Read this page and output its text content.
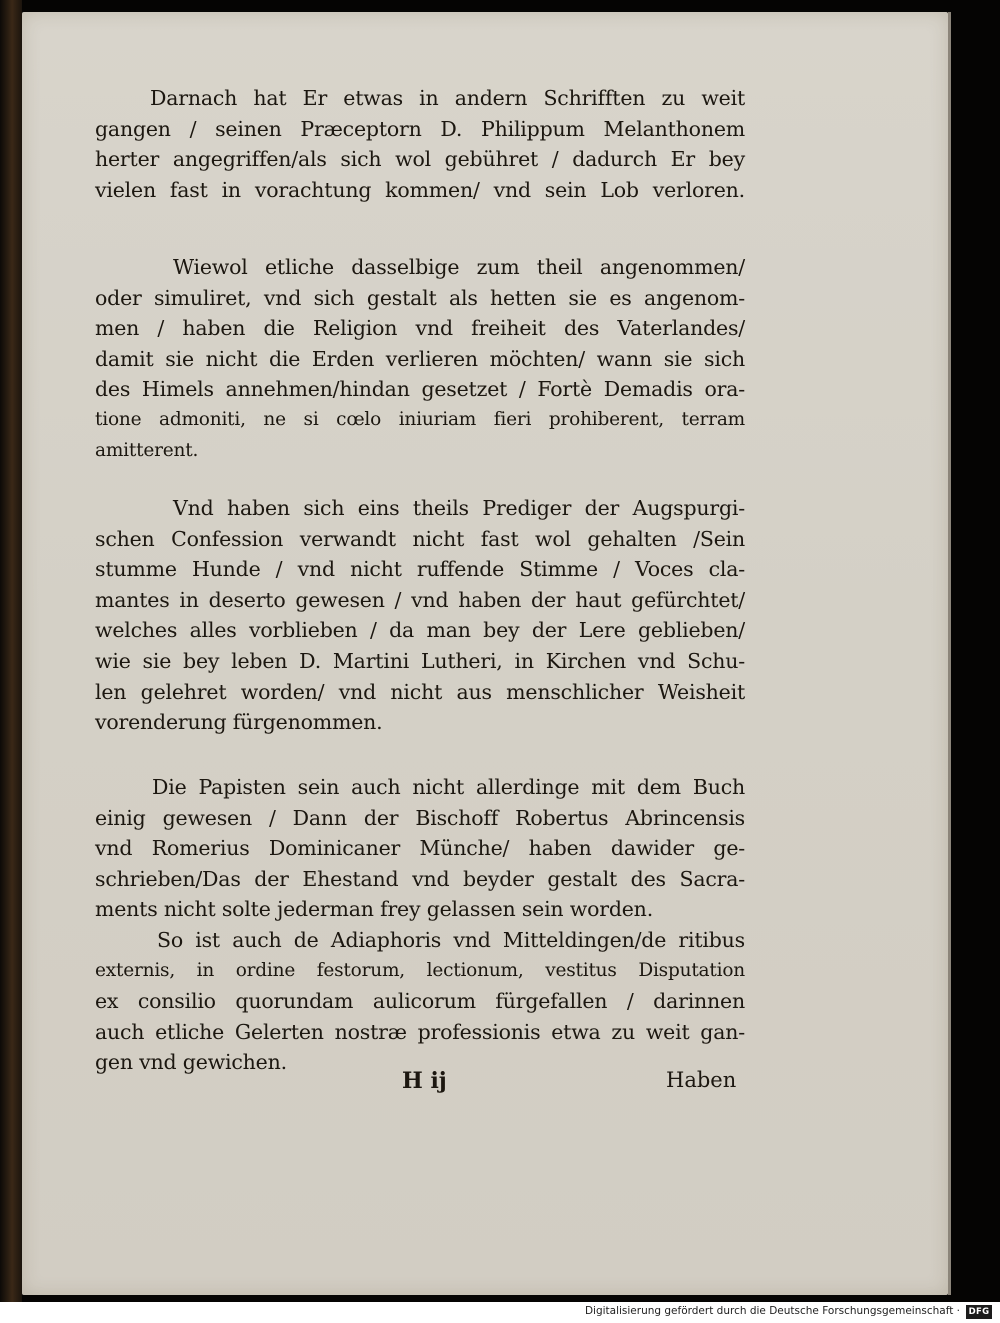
Darnach hat Er etwas in andern Schrifften zu weit
gangen / seinen Præceptorn D. Philippum Melanthonem
herter angegriffen/als sich wol gebühret / dadurch Er bey
vielen fast in vorachtung kommen/ vnd sein Lob verloren.
Wiewol etliche dasselbige zum theil angenommen/
oder simuliret, vnd sich gestalt als hetten sie es angenom-
men / haben die Religion vnd freiheit des Vaterlandes/
damit sie nicht die Erden verlieren möchten/ wann sie sich
des Himels annehmen/hindan gesetzet / Fortè Demadis ora-
tione admoniti, ne si cœlo iniuriam fieri prohiberent, terram
amitterent.
Vnd haben sich eins theils Prediger der Augspurgi-
schen Confession verwandt nicht fast wol gehalten /Sein
stumme Hunde / vnd nicht ruffende Stimme / Voces cla-
mantes in deserto gewesen / vnd haben der haut gefürchtet/
welches alles vorblieben / da man bey der Lere geblieben/
wie sie bey leben D. Martini Lutheri, in Kirchen vnd Schu-
len gelehret worden/ vnd nicht aus menschlicher Weisheit
vorenderung fürgenommen.
Die Papisten sein auch nicht allerdinge mit dem Buch
einig gewesen / Dann der Bischoff Robertus Abrincensis
vnd Romerius Dominicaner Münche/ haben dawider ge-
schrieben/Das der Ehestand vnd beyder gestalt des Sacra-
ments nicht solte jederman frey gelassen sein worden.
So ist auch de Adiaphoris vnd Mitteldingen/de ritibus
externis, in ordine festorum, lectionum, vestitus Disputation
ex consilio quorundam aulicorum fürgefallen / darinnen
auch etliche Gelerten nostræ professionis etwa zu weit gan-
gen vnd gewichen.
H ij	Haben
Digitalisierung gefördert durch die Deutsche Forschungsgemeinschaft ·	DFG
